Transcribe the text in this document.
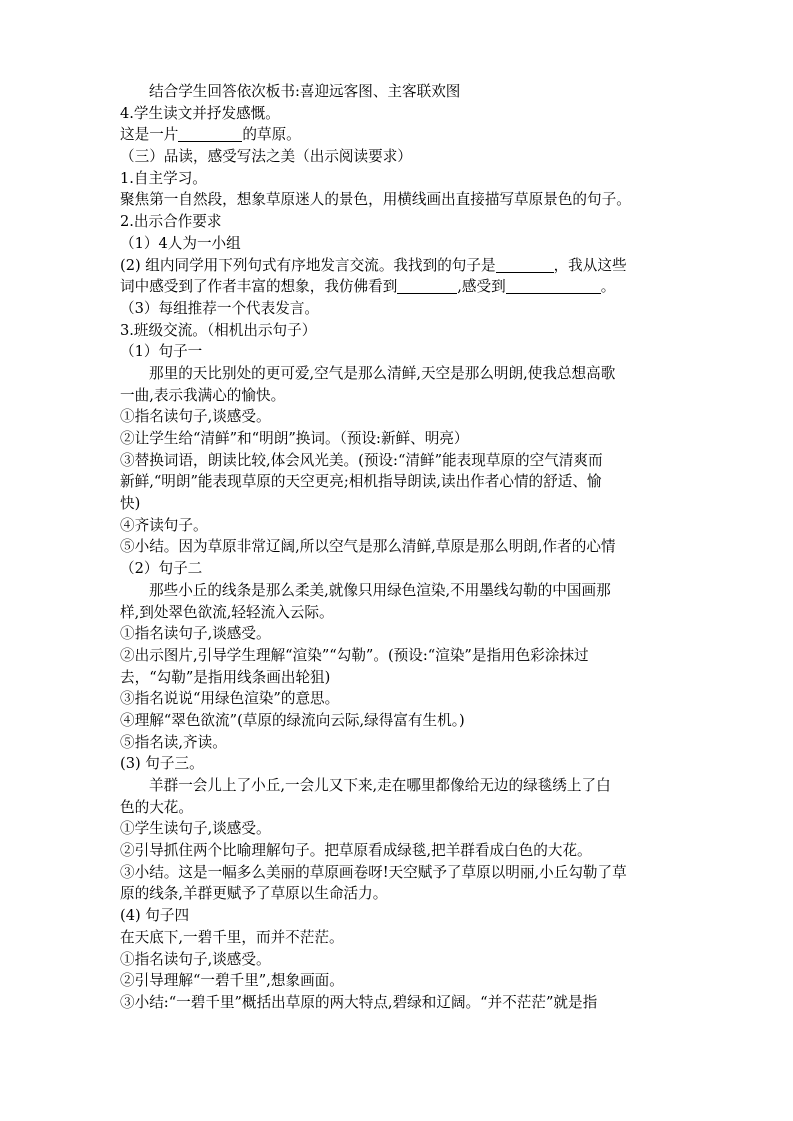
结合学生回答依次板书:喜迎远客图、主客联欢图
4.学生读文并抒发感慨。
这是一片	的草原。
（三）品读，感受写法之美（出示阅读要求）
1.自主学习。
聚焦第一自然段，想象草原迷人的景色，用横线画出直接描写草原景色的句子。
2.出示合作要求
（1）4人为一小组
(2) 组内同学用下列句式有序地发言交流。我找到的句子是	，我从这些
词中感受到了作者丰富的想象，我仿佛看到	,感受到	。
（3）每组推荐一个代表发言。
3.班级交流。（相机出示句子）
（1）句子一
那里的天比别处的更可爱,空气是那么清鲜,天空是那么明朗,使我总想高歌
一曲,表示我满心的愉快。
①指名读句子,谈感受。
②让学生给“清鲜”和“明朗”换词。（预设:新鲜、明亮）
③替换词语，朗读比较,体会风光美。(预设:“清鲜”能表现草原的空气清爽而
新鲜,“明朗”能表现草原的天空更亮;相机指导朗读,读出作者心情的舒适、愉
快)
④齐读句子。
⑤小结。因为草原非常辽阔,所以空气是那么清鲜,草原是那么明朗,作者的心情
（2）句子二
那些小丘的线条是那么柔美,就像只用绿色渲染,不用墨线勾勒的中国画那
样,到处翠色欲流,轻轻流入云际。
①指名读句子,谈感受。
②出示图片,引导学生理解“渲染”“勾勒”。(预设:“渲染”是指用色彩涂抹过
去，“勾勒”是指用线条画出轮狙)
③指名说说“用绿色渲染”的意思。
④理解“翠色欲流”(草原的绿流向云际,绿得富有生机。)
⑤指名读,齐读。
(3) 句子三。
羊群一会儿上了小丘,一会儿又下来,走在哪里都像给无边的绿毯绣上了白
色的大花。
①学生读句子,谈感受。
②引导抓住两个比喻理解句子。把草原看成绿毯,把羊群看成白色的大花。
③小结。这是一幅多么美丽的草原画卷呀!天空赋予了草原以明丽,小丘勾勒了草
原的线条,羊群更赋予了草原以生命活力。
(4) 句子四
在天底下,一碧千里，而并不茫茫。
①指名读句子,谈感受。
②引导理解“一碧千里”,想象画面。
③小结:“一碧千里”概括出草原的两大特点,碧绿和辽阔。“并不茫茫”就是指
